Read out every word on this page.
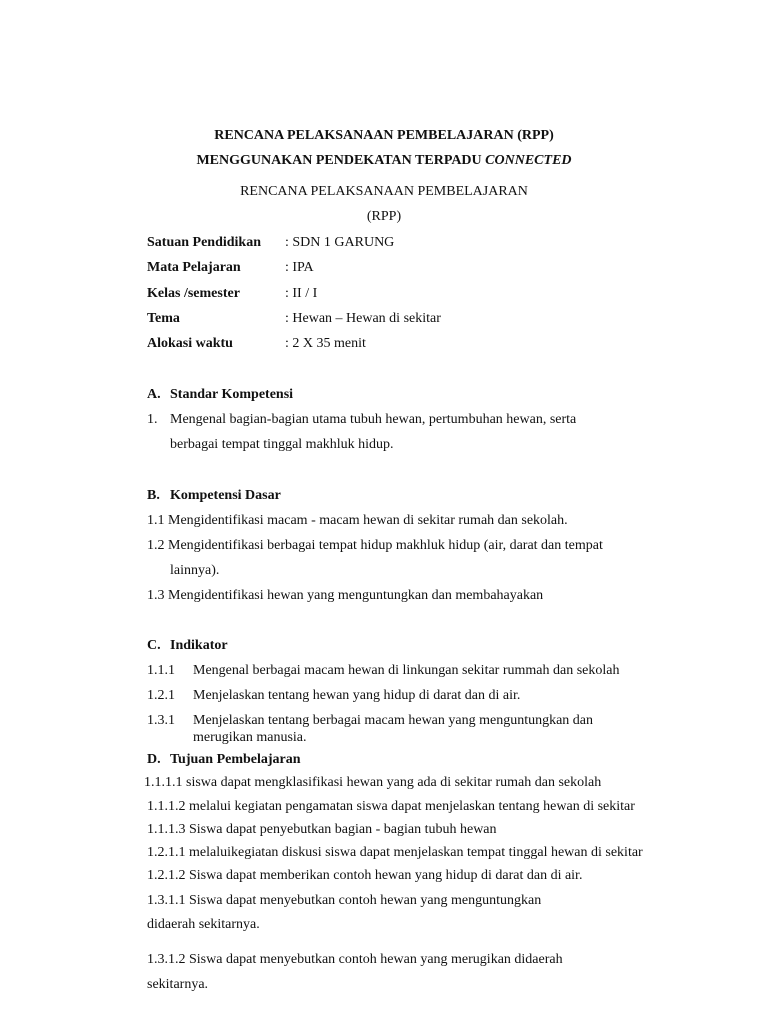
RENCANA PELAKSANAAN PEMBELAJARAN (RPP)
MENGGUNAKAN PENDEKATAN TERPADU CONNECTED
RENCANA PELAKSANAAN PEMBELAJARAN
(RPP)
Satuan Pendidikan : SDN 1 GARUNG
Mata Pelajaran	: IPA
Kelas /semester	: II / I
Tema	: Hewan – Hewan di sekitar
Alokasi waktu	: 2 X 35 menit
A. Standar Kompetensi
1. Mengenal bagian-bagian utama tubuh hewan, pertumbuhan hewan, serta
berbagai tempat tinggal makhluk hidup.
B. Kompetensi Dasar
1.1 Mengidentifikasi macam - macam hewan di sekitar rumah dan sekolah.
1.2 Mengidentifikasi berbagai tempat hidup makhluk hidup (air, darat dan tempat
lainnya).
1.3 Mengidentifikasi hewan yang menguntungkan dan membahayakan
C. Indikator
1.1.1 Mengenal berbagai macam hewan di linkungan sekitar rummah dan sekolah
1.2.1 Menjelaskan tentang hewan yang hidup di darat dan di air.
1.3.1 Menjelaskan tentang berbagai macam hewan yang menguntungkan dan
merugikan manusia.
D. Tujuan Pembelajaran
1.1.1.1 siswa dapat mengklasifikasi hewan yang ada di sekitar rumah dan sekolah
1.1.1.2 melalui kegiatan pengamatan siswa dapat menjelaskan tentang hewan di sekitar
1.1.1.3 Siswa dapat penyebutkan bagian - bagian tubuh hewan
1.2.1.1 melaluikegiatan diskusi siswa dapat menjelaskan tempat tinggal hewan di sekitar
1.2.1.2 Siswa dapat memberikan contoh hewan yang hidup di darat dan di air.
1.3.1.1 Siswa dapat menyebutkan contoh hewan yang menguntungkan
didaerah sekitarnya.
1.3.1.2 Siswa dapat menyebutkan contoh hewan yang merugikan didaerah
sekitarnya.
